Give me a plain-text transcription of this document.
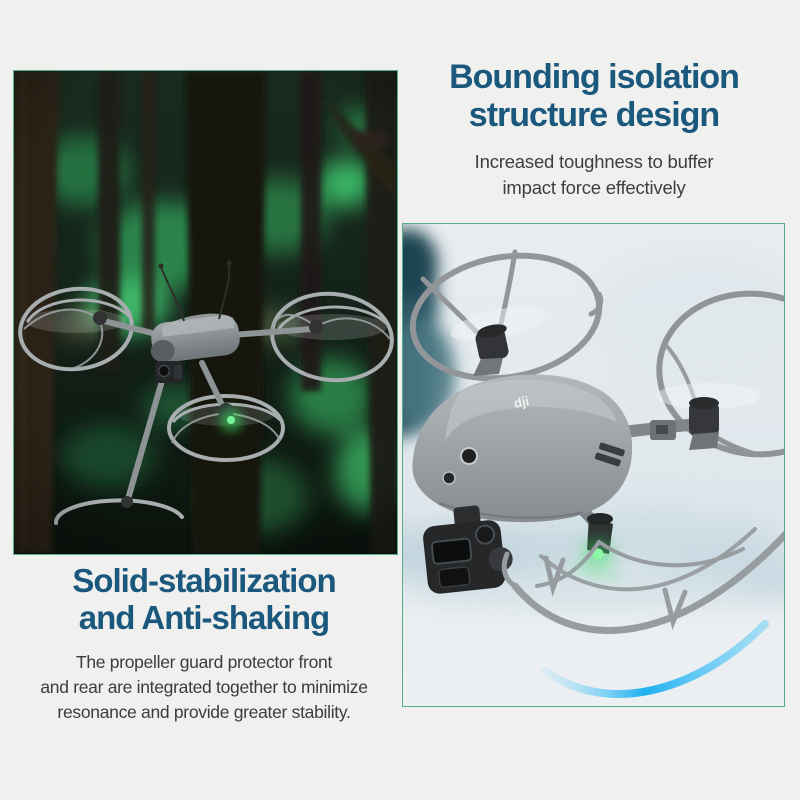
Solid-stabilization
and Anti-shaking

The propeller guard protector front
and rear are integrated together to minimize
resonance and provide greater stability.

Bounding isolation
structure design

Increased toughness to buffer
impact force effectively

dji
